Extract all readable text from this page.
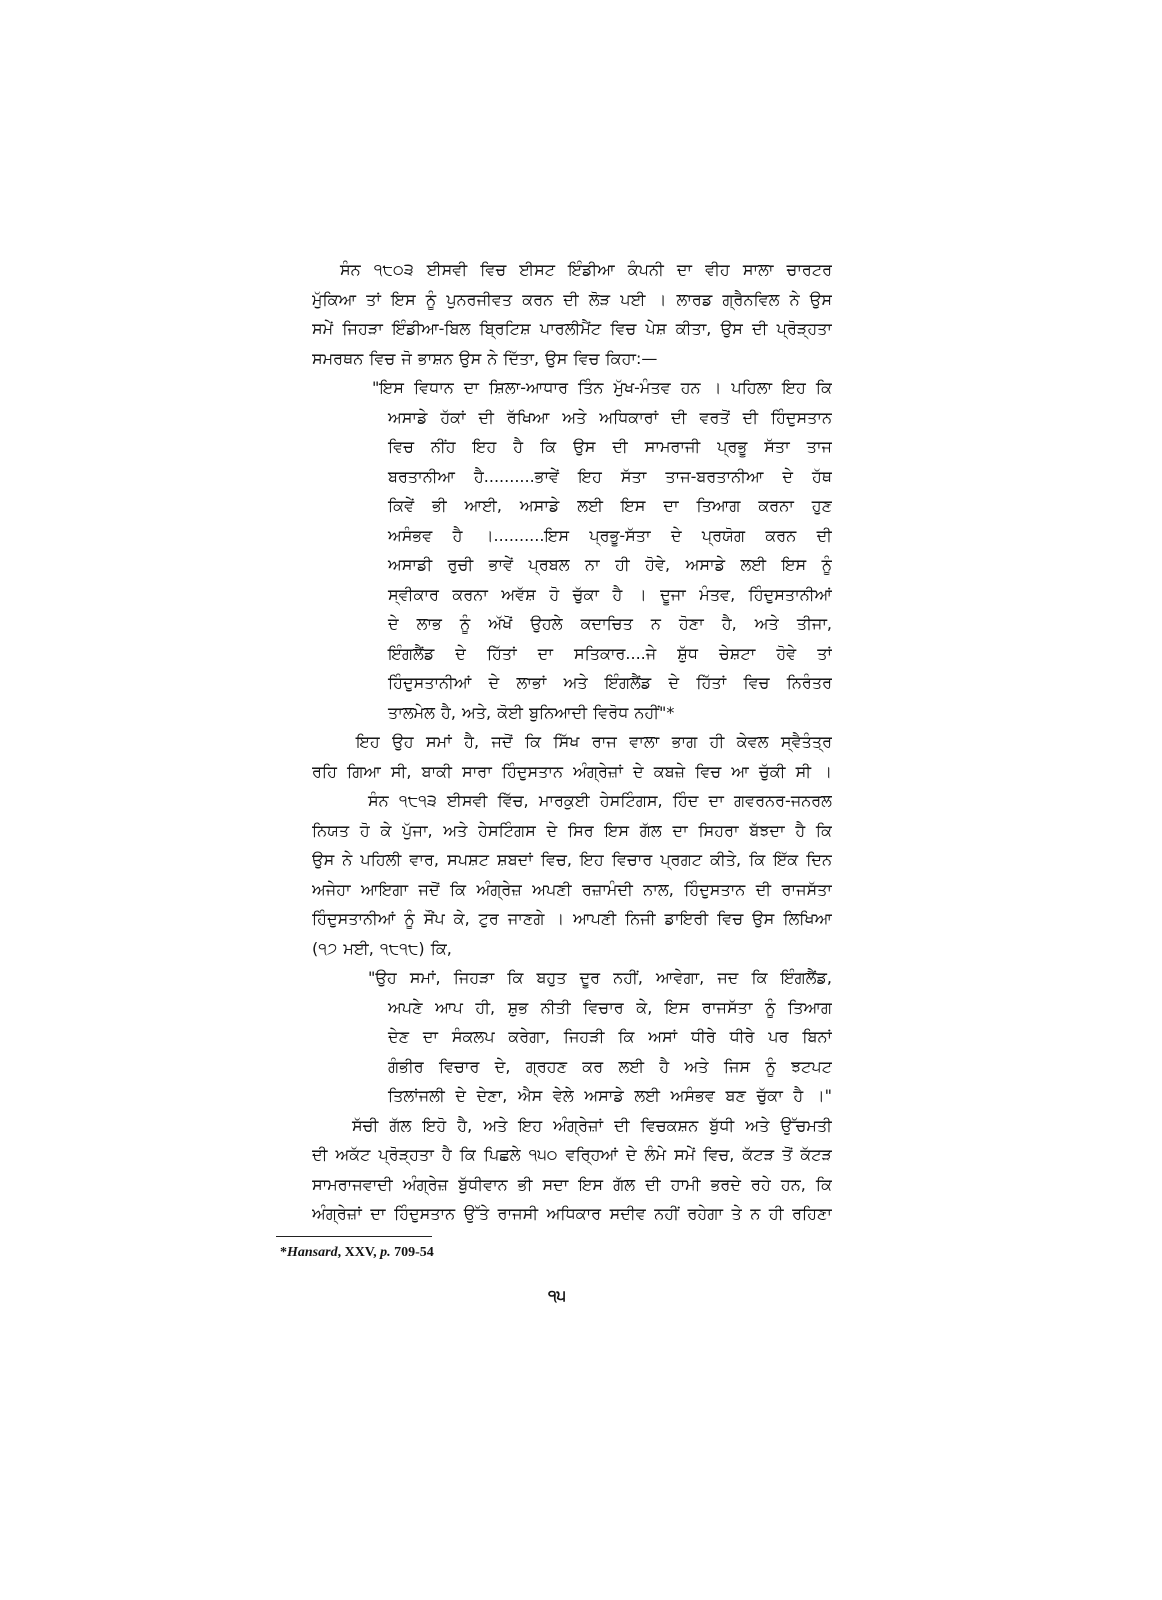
ਸੰਨ ੧੮੦੩ ਈਸਵੀ ਵਿਚ ਈਸਟ ਇੰਡੀਆ ਕੰਪਨੀ ਦਾ ਵੀਹ ਸਾਲਾ ਚਾਰਟਰ
ਮੁੱਕਿਆ ਤਾਂ ਇਸ ਨੂੰ ਪੁਨਰਜੀਵਤ ਕਰਨ ਦੀ ਲੋੜ ਪਈ । ਲਾਰਡ ਗ੍ਰੈਨਵਿਲ ਨੇ ਉਸ
ਸਮੇਂ ਜਿਹੜਾ ਇੰਡੀਆ-ਬਿਲ ਬ੍ਰਿਟਿਸ਼ ਪਾਰਲੀਮੈਂਟ ਵਿਚ ਪੇਸ਼ ਕੀਤਾ, ਉਸ ਦੀ ਪ੍ਰੋੜ੍ਹਤਾ
ਸਮਰਥਨ ਵਿਚ ਜੋ ਭਾਸ਼ਨ ਉਸ ਨੇ ਦਿੱਤਾ, ਉਸ ਵਿਚ ਕਿਹਾ:—
"ਇਸ ਵਿਧਾਨ ਦਾ ਸ਼ਿਲਾ-ਆਧਾਰ ਤਿੰਨ ਮੁੱਖ-ਮੰਤਵ ਹਨ । ਪਹਿਲਾ ਇਹ ਕਿ
ਅਸਾਡੇ ਹੱਕਾਂ ਦੀ ਰੱਖਿਆ ਅਤੇ ਅਧਿਕਾਰਾਂ ਦੀ ਵਰਤੋਂ ਦੀ ਹਿੰਦੁਸਤਾਨ
ਵਿਚ ਨੀਂਹ ਇਹ ਹੈ ਕਿ ਉਸ ਦੀ ਸਾਮਰਾਜੀ ਪ੍ਰਭੂ ਸੱਤਾ ਤਾਜ
ਬਰਤਾਨੀਆ ਹੈ..........ਭਾਵੇਂ ਇਹ ਸੱਤਾ ਤਾਜ-ਬਰਤਾਨੀਆ ਦੇ ਹੱਥ
ਕਿਵੇਂ ਭੀ ਆਈ, ਅਸਾਡੇ ਲਈ ਇਸ ਦਾ ਤਿਆਗ ਕਰਨਾ ਹੁਣ
ਅਸੰਭਵ ਹੈ ।..........ਇਸ ਪ੍ਰਭੂ-ਸੱਤਾ ਦੇ ਪ੍ਰਯੋਗ ਕਰਨ ਦੀ
ਅਸਾਡੀ ਰੁਚੀ ਭਾਵੇਂ ਪ੍ਰਬਲ ਨਾ ਹੀ ਹੋਵੇ, ਅਸਾਡੇ ਲਈ ਇਸ ਨੂੰ
ਸ੍ਵੀਕਾਰ ਕਰਨਾ ਅਵੱਸ਼ ਹੋ ਚੁੱਕਾ ਹੈ । ਦੂਜਾ ਮੰਤਵ, ਹਿੰਦੁਸਤਾਨੀਆਂ
ਦੇ ਲਾਭ ਨੂੰ ਅੱਖੋਂ ਉਹਲੇ ਕਦਾਚਿਤ ਨ ਹੋਣਾ ਹੈ, ਅਤੇ ਤੀਜਾ,
ਇੰਗਲੈਂਡ ਦੇ ਹਿੱਤਾਂ ਦਾ ਸਤਿਕਾਰ....ਜੇ ਸ਼ੁੱਧ ਚੇਸ਼ਟਾ ਹੋਵੇ ਤਾਂ
ਹਿੰਦੁਸਤਾਨੀਆਂ ਦੇ ਲਾਭਾਂ ਅਤੇ ਇੰਗਲੈਂਡ ਦੇ ਹਿੱਤਾਂ ਵਿਚ ਨਿਰੰਤਰ
ਤਾਲਮੇਲ ਹੈ, ਅਤੇ, ਕੋਈ ਬੁਨਿਆਦੀ ਵਿਰੋਧ ਨਹੀਂ"*
ਇਹ ਉਹ ਸਮਾਂ ਹੈ, ਜਦੋਂ ਕਿ ਸਿੱਖ ਰਾਜ ਵਾਲਾ ਭਾਗ ਹੀ ਕੇਵਲ ਸ੍ਵੈਤੰਤ੍ਰ
ਰਹਿ ਗਿਆ ਸੀ, ਬਾਕੀ ਸਾਰਾ ਹਿੰਦੁਸਤਾਨ ਅੰਗ੍ਰੇਜ਼ਾਂ ਦੇ ਕਬਜ਼ੇ ਵਿਚ ਆ ਚੁੱਕੀ ਸੀ ।
ਸੰਨ ੧੮੧੩ ਈਸਵੀ ਵਿੱਚ, ਮਾਰਕੁਈ ਹੇਸਟਿੰਗਸ, ਹਿੰਦ ਦਾ ਗਵਰਨਰ-ਜਨਰਲ
ਨਿਯਤ ਹੋ ਕੇ ਪੁੱਜਾ, ਅਤੇ ਹੇਸਟਿੰਗਸ ਦੇ ਸਿਰ ਇਸ ਗੱਲ ਦਾ ਸਿਹਰਾ ਬੱਝਦਾ ਹੈ ਕਿ
ਉਸ ਨੇ ਪਹਿਲੀ ਵਾਰ, ਸਪਸ਼ਟ ਸ਼ਬਦਾਂ ਵਿਚ, ਇਹ ਵਿਚਾਰ ਪ੍ਰਗਟ ਕੀਤੇ, ਕਿ ਇੱਕ ਦਿਨ
ਅਜੇਹਾ ਆਇਗਾ ਜਦੋਂ ਕਿ ਅੰਗ੍ਰੇਜ਼ ਅਪਣੀ ਰਜ਼ਾਮੰਦੀ ਨਾਲ, ਹਿੰਦੁਸਤਾਨ ਦੀ ਰਾਜਸੱਤਾ
ਹਿੰਦੁਸਤਾਨੀਆਂ ਨੂੰ ਸੌਂਪ ਕੇ, ਟੁਰ ਜਾਣਗੇ । ਆਪਣੀ ਨਿਜੀ ਡਾਇਰੀ ਵਿਚ ਉਸ ਲਿਖਿਆ
(੧੭ ਮਈ, ੧੮੧੮) ਕਿ,
"ਉਹ ਸਮਾਂ, ਜਿਹੜਾ ਕਿ ਬਹੁਤ ਦੂਰ ਨਹੀਂ, ਆਵੇਗਾ, ਜਦ ਕਿ ਇੰਗਲੈਂਡ,
ਅਪਣੇ ਆਪ ਹੀ, ਸ਼ੁਭ ਨੀਤੀ ਵਿਚਾਰ ਕੇ, ਇਸ ਰਾਜਸੱਤਾ ਨੂੰ ਤਿਆਗ
ਦੇਣ ਦਾ ਸੰਕਲਪ ਕਰੇਗਾ, ਜਿਹੜੀ ਕਿ ਅਸਾਂ ਧੀਰੇ ਧੀਰੇ ਪਰ ਬਿਨਾਂ
ਗੰਭੀਰ ਵਿਚਾਰ ਦੇ, ਗ੍ਰਹਣ ਕਰ ਲਈ ਹੈ ਅਤੇ ਜਿਸ ਨੂੰ ਝਟਪਟ
ਤਿਲਾਂਜਲੀ ਦੇ ਦੇਣਾ, ਐਸ ਵੇਲੇ ਅਸਾਡੇ ਲਈ ਅਸੰਭਵ ਬਣ ਚੁੱਕਾ ਹੈ ।"
ਸੱਚੀ ਗੱਲ ਇਹੋ ਹੈ, ਅਤੇ ਇਹ ਅੰਗ੍ਰੇਜ਼ਾਂ ਦੀ ਵਿਚਕਸ਼ਨ ਬੁੱਧੀ ਅਤੇ ਉੱਚਮਤੀ
ਦੀ ਅਕੱਟ ਪ੍ਰੋੜ੍ਹਤਾ ਹੈ ਕਿ ਪਿਛਲੇ ੧੫੦ ਵਰ੍ਹਿਆਂ ਦੇ ਲੰਮੇ ਸਮੇਂ ਵਿਚ, ਕੱਟੜ ਤੋਂ ਕੱਟੜ
ਸਾਮਰਾਜਵਾਦੀ ਅੰਗ੍ਰੇਜ਼ ਬੁੱਧੀਵਾਨ ਭੀ ਸਦਾ ਇਸ ਗੱਲ ਦੀ ਹਾਮੀ ਭਰਦੇ ਰਹੇ ਹਨ, ਕਿ
ਅੰਗ੍ਰੇਜ਼ਾਂ ਦਾ ਹਿੰਦੁਸਤਾਨ ਉੱਤੇ ਰਾਜਸੀ ਅਧਿਕਾਰ ਸਦੀਵ ਨਹੀਂ ਰਹੇਗਾ ਤੇ ਨ ਹੀ ਰਹਿਣਾ
*Hansard, XXV, p. 709-54
੧੫
